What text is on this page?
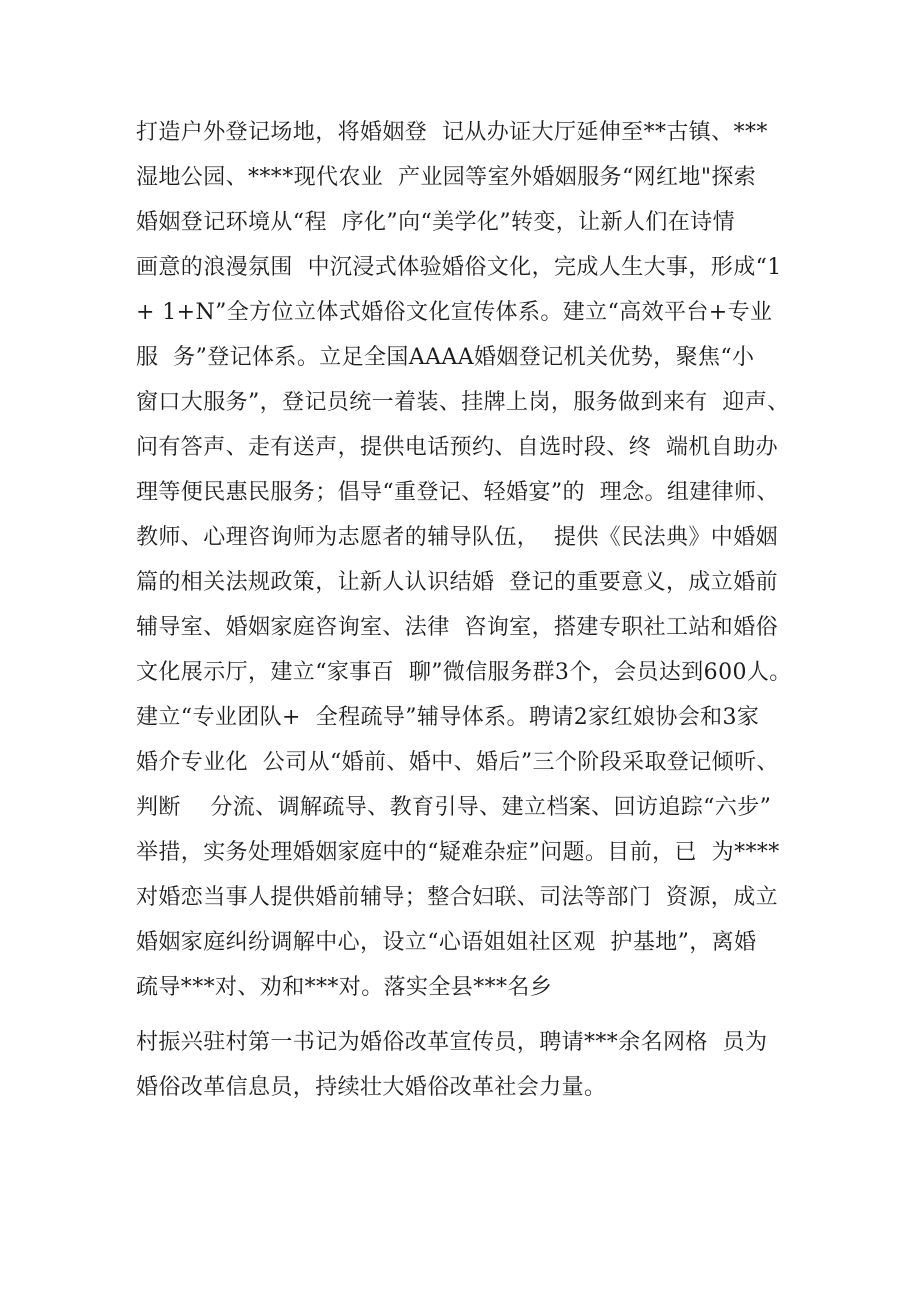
打造户外登记场地，将婚姻登  记从办证大厅延伸至**古镇、***
湿地公园、****现代农业  产业园等室外婚姻服务“网红地"探索
婚姻登记环境从“程  序化”向“美学化”转变，让新人们在诗情
画意的浪漫氛围  中沉浸式体验婚俗文化，完成人生大事，形成“1
+ 1+N”全方位立体式婚俗文化宣传体系。建立“高效平台+专业
服  务”登记体系。立足全国AAAA婚姻登记机关优势，聚焦“小
窗口大服务”，登记员统一着装、挂牌上岗，服务做到来有  迎声、
问有答声、走有送声，提供电话预约、自选时段、终  端机自助办
理等便民惠民服务；倡导“重登记、轻婚宴”的  理念。组建律师、
教师、心理咨询师为志愿者的辅导队伍，  提供《民法典》中婚姻
篇的相关法规政策，让新人认识结婚  登记的重要意义，成立婚前
辅导室、婚姻家庭咨询室、法律  咨询室，搭建专职社工站和婚俗
文化展示厅，建立“家事百  聊”微信服务群3个，会员达到600人。
建立“专业团队+  全程疏导”辅导体系。聘请2家红娘协会和3家
婚介专业化  公司从“婚前、婚中、婚后”三个阶段采取登记倾听、
判断    分流、调解疏导、教育引导、建立档案、回访追踪“六步”
举措，实务处理婚姻家庭中的“疑难杂症”问题。目前，已  为****
对婚恋当事人提供婚前辅导；整合妇联、司法等部门  资源，成立
婚姻家庭纠纷调解中心，设立“心语姐姐社区观  护基地”，离婚
疏导***对、劝和***对。落实全县***名乡
村振兴驻村第一书记为婚俗改革宣传员，聘请***余名网格  员为
婚俗改革信息员，持续壮大婚俗改革社会力量。
